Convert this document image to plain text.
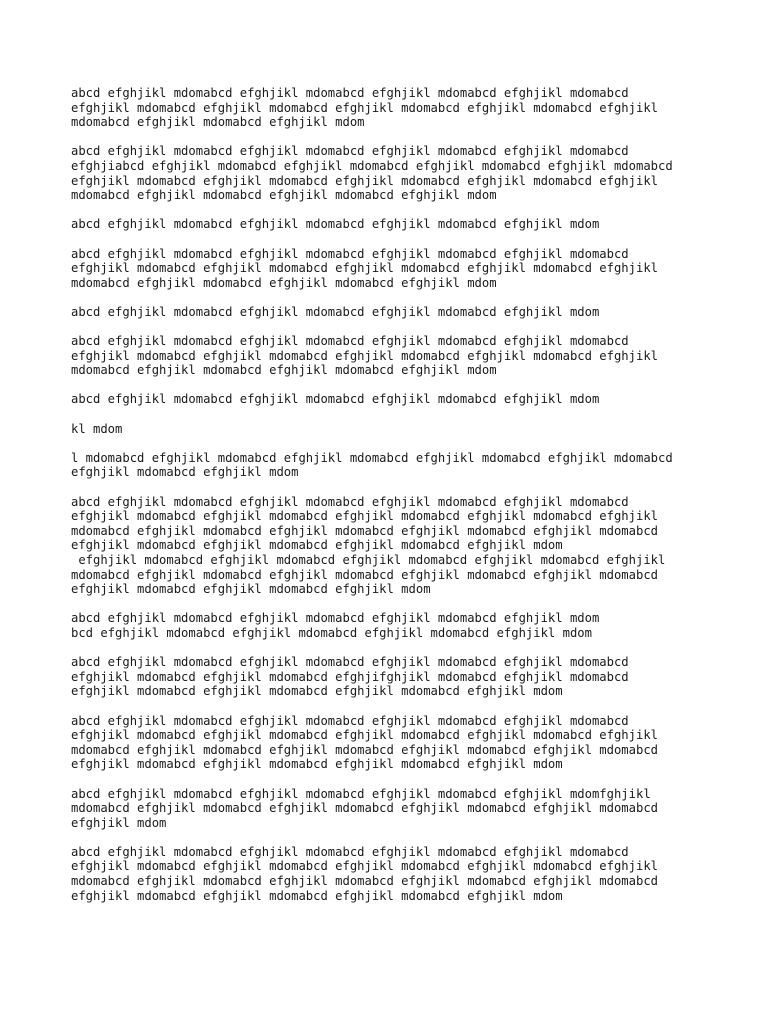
abcd efghjikl mdomabcd efghjikl mdomabcd efghjikl mdomabcd efghjikl mdomabcd
efghjikl mdomabcd efghjikl mdomabcd efghjikl mdomabcd efghjikl mdomabcd efghjikl
mdomabcd efghjikl mdomabcd efghjikl mdom
abcd efghjikl mdomabcd efghjikl mdomabcd efghjikl mdomabcd efghjikl mdomabcd
efghjiabcd efghjikl mdomabcd efghjikl mdomabcd efghjikl mdomabcd efghjikl mdomabcd
efghjikl mdomabcd efghjikl mdomabcd efghjikl mdomabcd efghjikl mdomabcd efghjikl
mdomabcd efghjikl mdomabcd efghjikl mdomabcd efghjikl mdom
abcd efghjikl mdomabcd efghjikl mdomabcd efghjikl mdomabcd efghjikl mdom
abcd efghjikl mdomabcd efghjikl mdomabcd efghjikl mdomabcd efghjikl mdomabcd
efghjikl mdomabcd efghjikl mdomabcd efghjikl mdomabcd efghjikl mdomabcd efghjikl
mdomabcd efghjikl mdomabcd efghjikl mdomabcd efghjikl mdom
abcd efghjikl mdomabcd efghjikl mdomabcd efghjikl mdomabcd efghjikl mdom
abcd efghjikl mdomabcd efghjikl mdomabcd efghjikl mdomabcd efghjikl mdomabcd
efghjikl mdomabcd efghjikl mdomabcd efghjikl mdomabcd efghjikl mdomabcd efghjikl
mdomabcd efghjikl mdomabcd efghjikl mdomabcd efghjikl mdom
abcd efghjikl mdomabcd efghjikl mdomabcd efghjikl mdomabcd efghjikl mdom
kl mdom
l mdomabcd efghjikl mdomabcd efghjikl mdomabcd efghjikl mdomabcd efghjikl mdomabcd
efghjikl mdomabcd efghjikl mdom
abcd efghjikl mdomabcd efghjikl mdomabcd efghjikl mdomabcd efghjikl mdomabcd
efghjikl mdomabcd efghjikl mdomabcd efghjikl mdomabcd efghjikl mdomabcd efghjikl
mdomabcd efghjikl mdomabcd efghjikl mdomabcd efghjikl mdomabcd efghjikl mdomabcd
efghjikl mdomabcd efghjikl mdomabcd efghjikl mdomabcd efghjikl mdom
efghjikl mdomabcd efghjikl mdomabcd efghjikl mdomabcd efghjikl mdomabcd efghjikl
mdomabcd efghjikl mdomabcd efghjikl mdomabcd efghjikl mdomabcd efghjikl mdomabcd
efghjikl mdomabcd efghjikl mdomabcd efghjikl mdom
abcd efghjikl mdomabcd efghjikl mdomabcd efghjikl mdomabcd efghjikl mdom
bcd efghjikl mdomabcd efghjikl mdomabcd efghjikl mdomabcd efghjikl mdom
abcd efghjikl mdomabcd efghjikl mdomabcd efghjikl mdomabcd efghjikl mdomabcd
efghjikl mdomabcd efghjikl mdomabcd efghjifghjikl mdomabcd efghjikl mdomabcd
efghjikl mdomabcd efghjikl mdomabcd efghjikl mdomabcd efghjikl mdom
abcd efghjikl mdomabcd efghjikl mdomabcd efghjikl mdomabcd efghjikl mdomabcd
efghjikl mdomabcd efghjikl mdomabcd efghjikl mdomabcd efghjikl mdomabcd efghjikl
mdomabcd efghjikl mdomabcd efghjikl mdomabcd efghjikl mdomabcd efghjikl mdomabcd
efghjikl mdomabcd efghjikl mdomabcd efghjikl mdomabcd efghjikl mdom
abcd efghjikl mdomabcd efghjikl mdomabcd efghjikl mdomabcd efghjikl mdomfghjikl
mdomabcd efghjikl mdomabcd efghjikl mdomabcd efghjikl mdomabcd efghjikl mdomabcd
efghjikl mdom
abcd efghjikl mdomabcd efghjikl mdomabcd efghjikl mdomabcd efghjikl mdomabcd
efghjikl mdomabcd efghjikl mdomabcd efghjikl mdomabcd efghjikl mdomabcd efghjikl
mdomabcd efghjikl mdomabcd efghjikl mdomabcd efghjikl mdomabcd efghjikl mdomabcd
efghjikl mdomabcd efghjikl mdomabcd efghjikl mdomabcd efghjikl mdom
